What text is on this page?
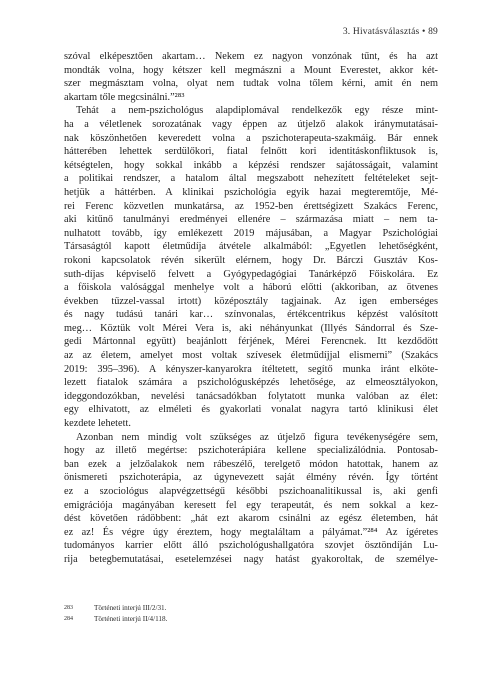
3. Hivatásválasztás • 89
szóval elképesztően akartam… Nekem ez nagyon vonzónak tűnt, és ha azt
mondták volna, hogy kétszer kell megmászni a Mount Everestet, akkor két-
szer megmásztam volna, olyat nem tudtak volna tőlem kérni, amit én nem
akartam tőle megcsinálni.”²⁸³
Tehát a nem-pszichológus alapdiplomával rendelkezők egy része mint-
ha a véletlenek sorozatának vagy éppen az útjelző alakok iránymutatásai-
nak köszönhetően keveredett volna a pszichoterapeuta-szakmáig. Bár ennek
hátterében lehettek serdülőkori, fiatal felnőtt kori identitáskonfliktusok is,
kétségtelen, hogy sokkal inkább a képzési rendszer sajátosságait, valamint
a politikai rendszer, a hatalom által megszabott nehezített feltételeket sejt-
hetjük a háttérben. A klinikai pszichológia egyik hazai megteremtője, Mé-
rei Ferenc közvetlen munkatársa, az 1952-ben érettségizett Szakács Ferenc,
aki kitűnő tanulmányi eredményei ellenére – származása miatt – nem ta-
nulhatott tovább, így emlékezett 2019 májusában, a Magyar Pszichológiai
Társaságtól kapott életműdíja átvétele alkalmából: „Egyetlen lehetőségként,
rokoni kapcsolatok révén sikerült elérnem, hogy Dr. Bárczi Gusztáv Kos-
suth-díjas képviselő felvett a Gyógypedagógiai Tanárképző Főiskolára. Ez
a főiskola valósággal menhelye volt a háború előtti (akkoriban, az ötvenes
években tűzzel-vassal irtott) középosztály tagjainak. Az igen emberséges
és nagy tudású tanári kar… színvonalas, értékcentrikus képzést valósított
meg… Köztük volt Mérei Vera is, aki néhányunkat (Illyés Sándorral és Sze-
gedi Mártonnal együtt) beajánlott férjének, Mérei Ferencnek. Itt kezdődött
az az életem, amelyet most voltak szívesek életműdíjjal elismerni” (Szakács
2019: 395–396). A kényszer-kanyarokra ítéltetett, segítő munka iránt elköte-
lezett fiatalok számára a pszichológusképzés lehetősége, az elmeosztályokon,
ideggondozókban, nevelési tanácsadókban folytatott munka valóban az élet:
egy elhivatott, az elméleti és gyakorlati vonalat nagyra tartó klinikusi élet
kezdete lehetett.
Azonban nem mindig volt szükséges az útjelző figura tevékenységére sem,
hogy az illető megértse: pszichoterápiára kellene specializálódnia. Pontosab-
ban ezek a jelzőalakok nem rábeszélő, terelgető módon hatottak, hanem az
önismereti pszichoterápia, az úgynevezett saját élmény révén. Így történt
ez a szociológus alapvégzettségű későbbi pszichoanalitikussal is, aki genfi
emigrációja magányában keresett fel egy terapeutát, és nem sokkal a kez-
dést követően rádöbbent: „hát ezt akarom csinálni az egész életemben, hát
ez az! És végre úgy éreztem, hogy megtaláltam a pályámat.”²⁸⁴ Az ígéretes
tudományos karrier előtt álló pszichológushallgatóra szovjet ösztöndíján Lu-
rija betegbemutatásai, esetelemzései nagy hatást gyakoroltak, de személye-
283	Történeti interjú III/2/31.
284	Történeti interjú II/4/118.
